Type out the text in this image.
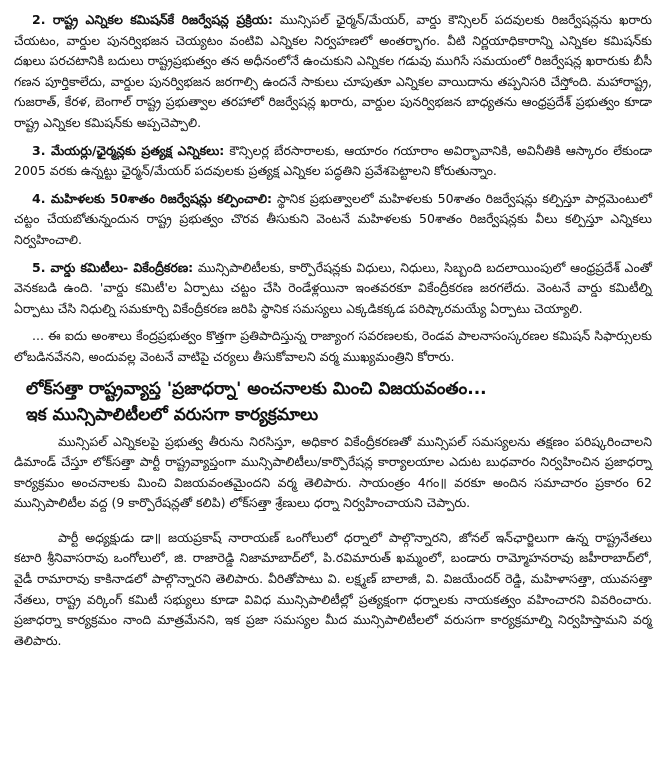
2. రాష్ట్ర ఎన్నికల కమిషన్‌కే రిజర్వేషన్ల ప్రక్రియ: మున్సిపల్ ఛైర్మన్/మేయర్, వార్డు కౌన్సిలర్ పదవులకు రిజర్వేషన్లను ఖరారు చేయటం, వార్డుల పునర్విభజన చెయ్యటం వంటివి ఎన్నికల నిర్వహణలో అంతర్భాగం. వీటి నిర్ణయాధికారాన్ని ఎన్నికల కమిషన్‌కు దఖలు పరచటానికి బదులు రాష్ట్రప్రభుత్వం తన అధీనంలోనే ఉంచుకుని ఎన్నికల గడువు ముగిసే సమయంలో రిజర్వేషన్ల ఖరారుకు బీసీ గణన పూర్తికాలేదు, వార్డుల పునర్విభజన జరగాల్సి ఉందనే సాకులు చూపుతూ ఎన్నికల వాయిదాను తప్పనిసరి చేస్తోంది. మహారాష్ట్ర, గుజరాత్, కేరళ, బెంగాల్ రాష్ట్ర ప్రభుత్వాల తరహాలో రిజర్వేషన్ల ఖరారు, వార్డుల పునర్విభజన బాధ్యతను ఆంధ్రప్రదేశ్ ప్రభుత్వం కూడా రాష్ట్ర ఎన్నికల కమిషన్‌కు అప్పచెప్పాలి.

3. మేయర్లు/ఛైర్మన్లకు ప్రత్యక్ష ఎన్నికలు: కౌన్సిలర్ల బేరసారాలకు, ఆయారం గయారాం అవిర్భావానికి, అవినీతికి ఆస్కారం లేకుండా 2005 వరకు ఉన్నట్టు ఛైర్మన్/మేయర్ పదవులకు ప్రత్యక్ష ఎన్నికల పద్ధతిని ప్రవేశపెట్టాలని కోరుతున్నాం.

4. మహిళలకు 50శాతం రిజర్వేషన్లు కల్పించాలి: స్థానిక ప్రభుత్వాలలో మహిళలకు 50శాతం రిజర్వేషన్లు కల్పిస్తూ పార్లమెంటులో చట్టం చేయబోతున్నందున రాష్ట్ర ప్రభుత్వం చొరవ తీసుకుని వెంటనే మహిళలకు 50శాతం రిజర్వేషన్లకు వీలు కల్పిస్తూ ఎన్నికలు నిర్వహించాలి.

5. వార్డు కమిటీలు- వికేంద్రీకరణ: మున్సిపాలిటీలకు, కార్పొరేషన్లకు విధులు, నిధులు, సిబ్బంది బదలాయింపులో ఆంధ్రప్రదేశ్ ఎంతో వెనకబడి ఉంది. 'వార్డు కమిటీ'ల ఏర్పాటు చట్టం చేసి రెండేళ్లయినా ఇంతవరకూ వికేంద్రీకరణ జరగలేదు. వెంటనే వార్డు కమిటీల్ని ఏర్పాటు చేసి నిధుల్ని సమకూర్చి వికేంద్రీకరణ జరిపి స్థానిక సమస్యలు ఎక్కడికక్కడ పరిష్కారమయ్యే ఏర్పాటు చెయ్యాలి.

... ఈ ఐదు అంశాలు కేంద్రప్రభుత్వం కొత్తగా ప్రతిపాదిస్తున్న రాజ్యాంగ సవరణలకు, రెండవ పాలనాసంస్కరణల కమిషన్ సిఫార్సులకు లోబడినవేనని, అందువల్ల వెంటనే వాటిపై చర్యలు తీసుకోవాలని వర్మ ముఖ్యమంత్రిని కోరారు.

లోక్‌సత్తా రాష్ట్రవ్యాప్త 'ప్రజాధర్నా' అంచనాలకు మించి విజయవంతం...
ఇక మున్సిపాలిటీలలో వరుసగా కార్యక్రమాలు

మున్సిపల్ ఎన్నికలపై ప్రభుత్వ తీరును నిరసిస్తూ, అధికార వికేంద్రీకరణతో మున్సిపల్ సమస్యలను తక్షణం పరిష్కరించాలని డిమాండ్ చేస్తూ లోక్‌సత్తా పార్టీ రాష్ట్రవ్యాప్తంగా మున్సిపాలిటీలు/కార్పొరేషన్ల కార్యాలయాల ఎదుట బుధవారం నిర్వహించిన ప్రజాధర్నా కార్యక్రమం అంచనాలకు మించి విజయవంతమైందని వర్మ తెలిపారు. సాయంత్రం 4గం॥ వరకూ అందిన సమాచారం ప్రకారం 62 మున్సిపాలిటీల వద్ద (9 కార్పొరేషన్లతో కలిపి) లోక్‌సత్తా శ్రేణులు ధర్నా నిర్వహించాయని చెప్పారు.

పార్టీ అధ్యక్షుడు డా॥ జయప్రకాష్ నారాయణ్ ఒంగోలులో ధర్నాలో పాల్గొన్నారని, జోనల్ ఇన్‌ఛార్జిలుగా ఉన్న రాష్ట్రనేతలు కటారి శ్రీనివాసరావు ఒంగోలులో, జి. రాజారెడ్డి నిజామాబాద్‌లో, పి.రవిమారుత్ ఖమ్మంలో, బండారు రామ్మోహనరావు జహీరాబాద్‌లో, వైడీ రామారావు కాకినాడలో పాల్గొన్నారని తెలిపారు. వీరితోపాటు వి. లక్ష్మణ్ బాలాజీ, వి. విజయేందర్ రెడ్డి, మహిళాసత్తా, యువసత్తా నేతలు, రాష్ట్ర వర్కింగ్ కమిటీ సభ్యులు కూడా వివిధ మున్సిపాలిటీల్లో ప్రత్యక్షంగా ధర్నాలకు నాయకత్వం వహించారని వివరించారు. ప్రజాధర్నా కార్యక్రమం నాంది మాత్రమేనని, ఇక ప్రజా సమస్యల మీద మున్సిపాలిటీలలో వరుసగా కార్యక్రమాల్ని నిర్వహిస్తామని వర్మ తెలిపారు.
